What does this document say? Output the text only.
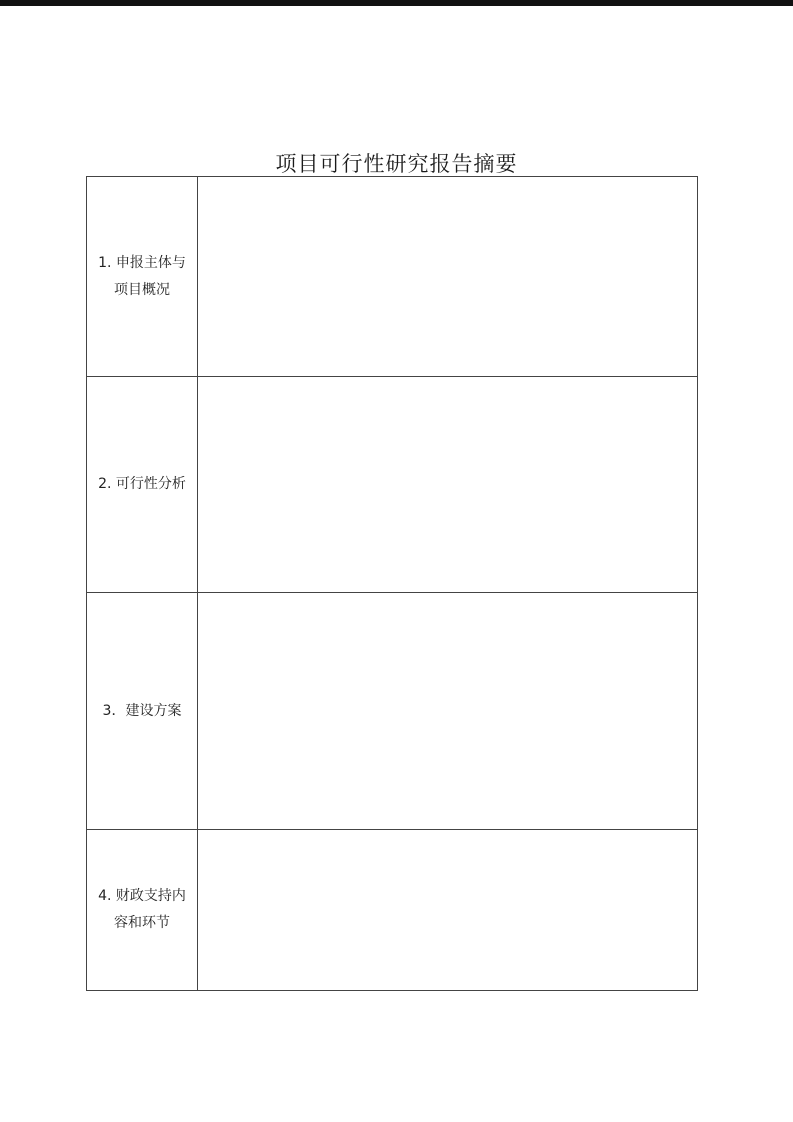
项目可行性研究报告摘要
1. 申报主体与
项目概况	

2. 可行性分析	

3．建设方案	

4. 财政支持内
容和环节	
